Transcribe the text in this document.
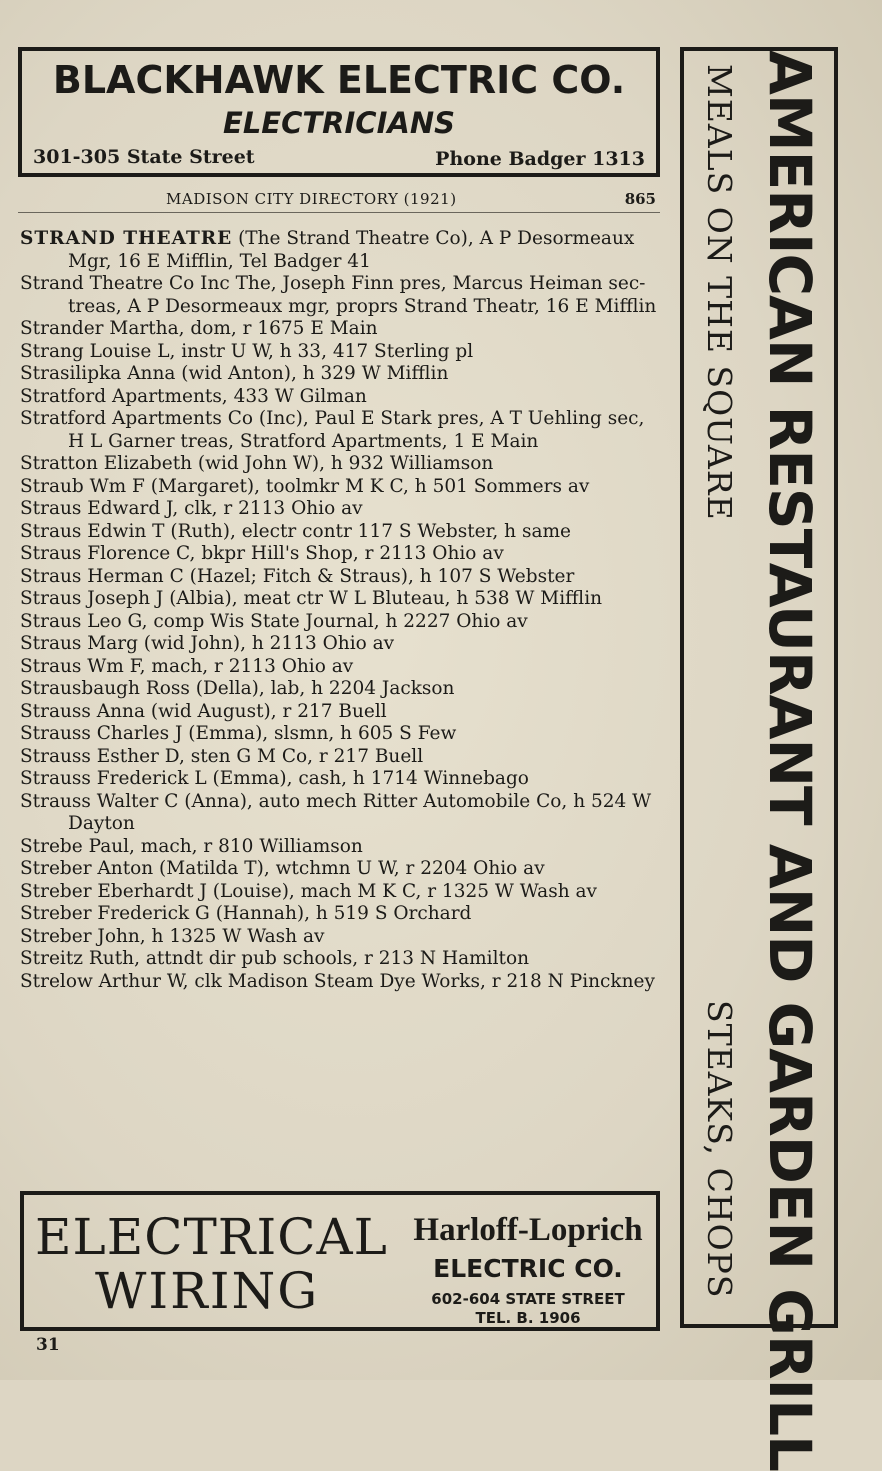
BLACKHAWK ELECTRIC CO.
ELECTRICIANS
301-305 State Street	Phone Badger 1313
MADISON CITY DIRECTORY (1921)	865

STRAND THEATRE (The Strand Theatre Co), A P Desormeaux Mgr, 16 E Mifflin, Tel Badger 41

Strand Theatre Co Inc The, Joseph Finn pres, Marcus Heiman sec-treas, A P Desormeaux mgr, proprs Strand Theatr, 16 E Mifflin

Strander Martha, dom, r 1675 E Main

Strang Louise L, instr U W, h 33, 417 Sterling pl

Strasilipka Anna (wid Anton), h 329 W Mifflin

Stratford Apartments, 433 W Gilman

Stratford Apartments Co (Inc), Paul E Stark pres, A T Uehling sec, H L Garner treas, Stratford Apartments, 1 E Main

Stratton Elizabeth (wid John W), h 932 Williamson

Straub Wm F (Margaret), toolmkr M K C, h 501 Sommers av

Straus Edward J, clk, r 2113 Ohio av

Straus Edwin T (Ruth), electr contr 117 S Webster, h same

Straus Florence C, bkpr Hill's Shop, r 2113 Ohio av

Straus Herman C (Hazel; Fitch & Straus), h 107 S Webster

Straus Joseph J (Albia), meat ctr W L Bluteau, h 538 W Mifflin

Straus Leo G, comp Wis State Journal, h 2227 Ohio av

Straus Marg (wid John), h 2113 Ohio av

Straus Wm F, mach, r 2113 Ohio av

Strausbaugh Ross (Della), lab, h 2204 Jackson

Strauss Anna (wid August), r 217 Buell

Strauss Charles J (Emma), slsmn, h 605 S Few

Strauss Esther D, sten G M Co, r 217 Buell

Strauss Frederick L (Emma), cash, h 1714 Winnebago

Strauss Walter C (Anna), auto mech Ritter Automobile Co, h 524 W Dayton

Strebe Paul, mach, r 810 Williamson

Streber Anton (Matilda T), wtchmn U W, r 2204 Ohio av

Streber Eberhardt J (Louise), mach M K C, r 1325 W Wash av

Streber Frederick G (Hannah), h 519 S Orchard

Streber John, h 1325 W Wash av

Streitz Ruth, attndt dir pub schools, r 213 N Hamilton

Strelow Arthur W, clk Madison Steam Dye Works, r 218 N Pinckney

ELECTRICAL
WIRING
Harloff-Loprich
ELECTRIC CO.
602-604 STATE STREET
TEL. B. 1906
31	AMERICAN RESTAURANT AND GARDEN GRILL
MEALS ON THE SQUARE
STEAKS, CHOPS
